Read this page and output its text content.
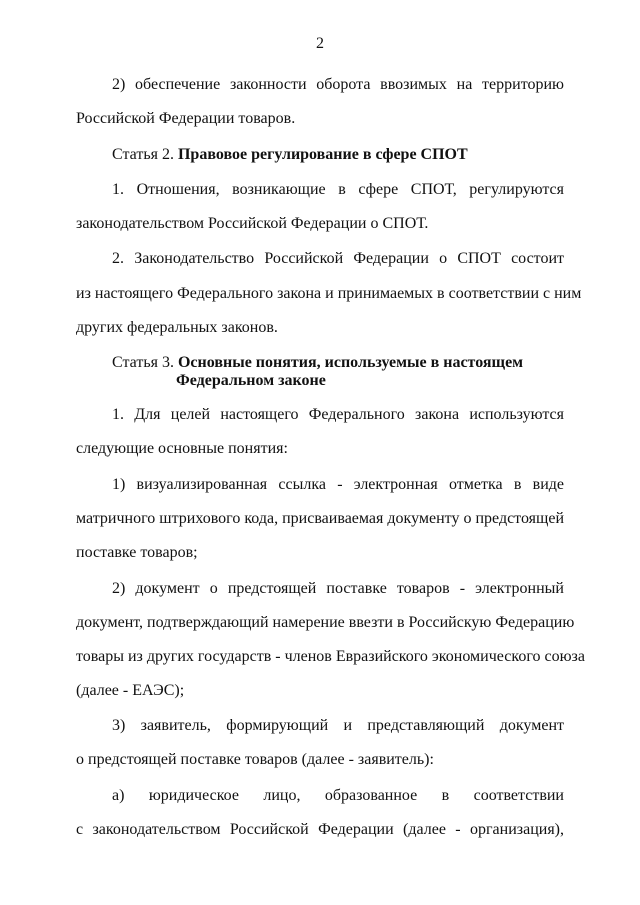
2
2) обеспечение законности оборота ввозимых на территорию
Российской Федерации товаров.
Статья 2. Правовое регулирование в сфере СПОТ
1. Отношения, возникающие в сфере СПОТ, регулируются
законодательством Российской Федерации о СПОТ.
2. Законодательство Российской Федерации о СПОТ состоит
из настоящего Федерального закона и принимаемых в соответствии с ним
других федеральных законов.
Статья 3. Основные понятия, используемые в настоящем
Федеральном законе
1. Для целей настоящего Федерального закона используются
следующие основные понятия:
1) визуализированная ссылка - электронная отметка в виде
матричного штрихового кода, присваиваемая документу о предстоящей
поставке товаров;
2) документ о предстоящей поставке товаров - электронный
документ, подтверждающий намерение ввезти в Российскую Федерацию
товары из других государств - членов Евразийского экономического союза
(далее - ЕАЭС);
3) заявитель, формирующий и представляющий документ
о предстоящей поставке товаров (далее - заявитель):
а) юридическое лицо, образованное в соответствии
с законодательством Российской Федерации (далее - организация),
